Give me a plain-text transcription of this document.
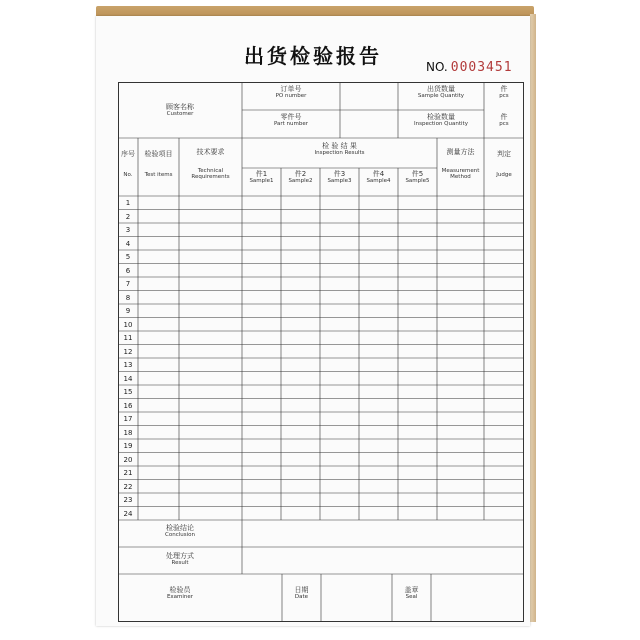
出货检验报告	NO. 0003451
顾客名称
Customer
订单号
PO number
零件号
Part number
出货数量
Sample Quantity
检验数量
Inspection Quantity
件
pcs
件
pcs
序号
No.
检验项目
Test items
技术要求
Technical
Requirements
检 验 结 果
Inspection Results
件1
Sample1
件2
Sample2
件3
Sample3
件4
Sample4
件5
Sample5
测量方法
Measurement
Method
判定
Judge
1
2
3
4
5
6
7
8
9
10
11
12
13
14
15
16
17
18
19
20
21
22
23
24
检验结论
Conclusion
处理方式
Result
检验员
Examiner
日期
Date
盖章
Seal
